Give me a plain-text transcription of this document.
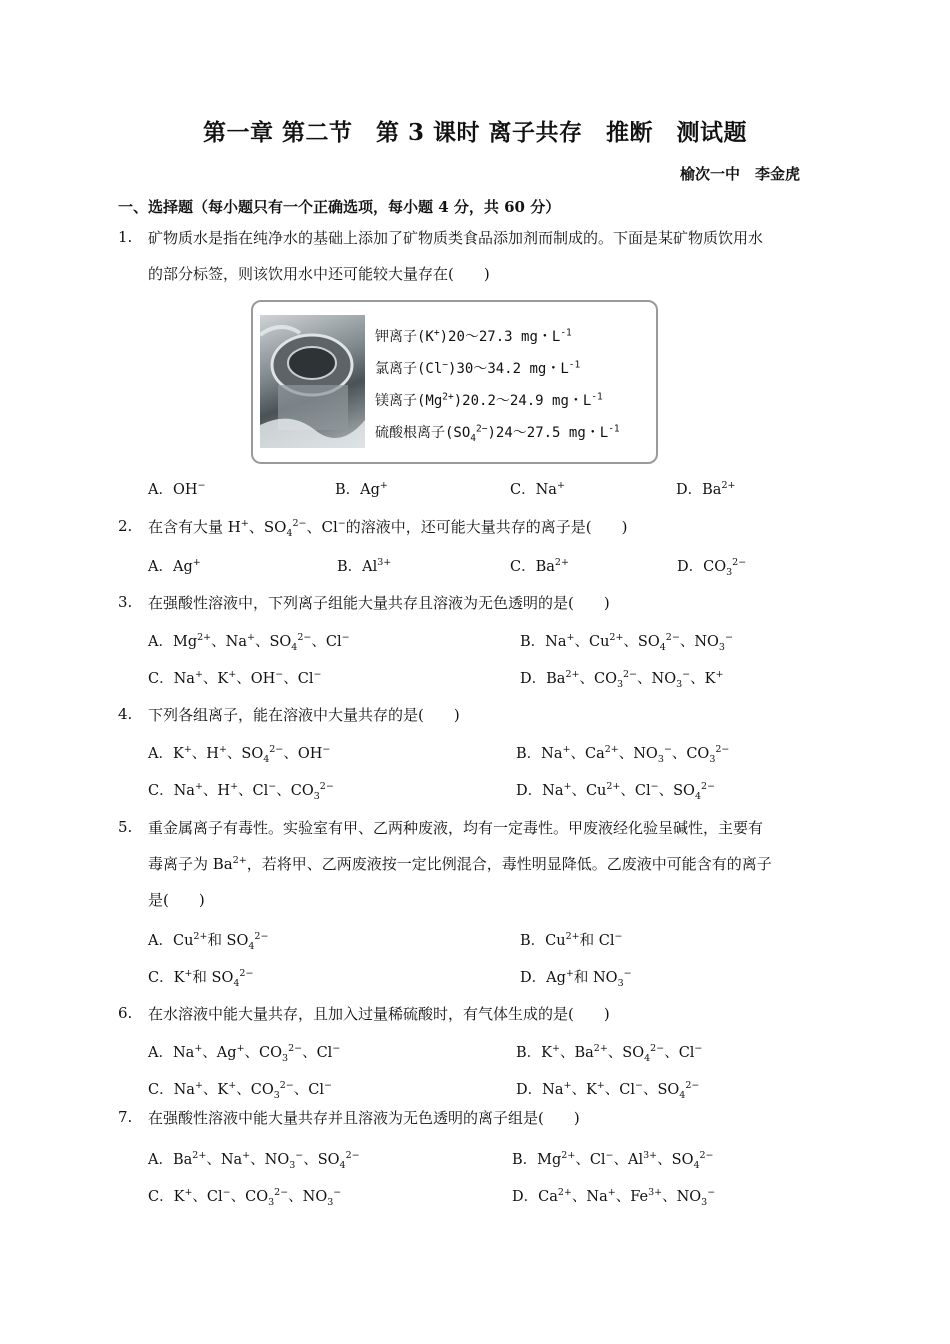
第一章 第二节　第 3 课时 离子共存　推断　测试题
榆次一中　李金虎
一、选择题（每小题只有一个正确选项，每小题 4 分，共 60 分）
1. 矿物质水是指在纯净水的基础上添加了矿物质类食品添加剂而制成的。下面是某矿物质饮用水
的部分标签，则该饮用水中还可能较大量存在(　　)
钾离子(K+)20～27.3 mg・$L^{-1}$
氯离子(Cl−)30～34.2 mg・$L^{-1}$
镁离子$(Mg^{2+})20.2\sim 24.9$ mg・$L^{-1}$
硫酸根离子$(SO_4^{2-})24\sim 27.5$ mg・$L^{-1}$
A．OH−	B．Ag+	C．Na+	D．$Ba^{2+}$
2. 在含有大量 H+、$SO_4^{2-}$、Cl−的溶液中，还可能大量共存的离子是(　　)
A．Ag+	B．$Al^{3+}$	C．$Ba^{2+}$	D．$CO_3^{2-}$
3. 在强酸性溶液中，下列离子组能大量共存且溶液为无色透明的是(　　)
A．$Mg^{2+}$、Na+、$SO_4^{2-}$、Cl−	B．Na+、$Cu^{2+}$、$SO_4^{2-}$、$NO_3^-$
C．Na+、K+、OH−、Cl−	D．$Ba^{2+}$、$CO_3^{2-}$、$NO_3^-$、K+
4. 下列各组离子，能在溶液中大量共存的是(　　)
A．K+、H+、$SO_4^{2-}$、OH−	B．Na+、$Ca^{2+}$、$NO_3^-$、$CO_3^{2-}$
C．Na+、H+、Cl−、$CO_3^{2-}$	D．Na+、$Cu^{2+}$、Cl−、$SO_4^{2-}$
5. 重金属离子有毒性。实验室有甲、乙两种废液，均有一定毒性。甲废液经化验呈碱性，主要有
毒离子为 $Ba^{2+}$，若将甲、乙两废液按一定比例混合，毒性明显降低。乙废液中可能含有的离子
是(　　)
A．$Cu^{2+}$和 $SO_4^{2-}$	B．$Cu^{2+}$和 Cl−
C．K+和 $SO_4^{2-}$	D．Ag+和 $NO_3^-$
6. 在水溶液中能大量共存，且加入过量稀硫酸时，有气体生成的是(　　)
A．Na+、Ag+、$CO_3^{2-}$、Cl−	B．K+、$Ba^{2+}$、$SO_4^{2-}$、Cl−
C．Na+、K+、$CO_3^{2-}$、Cl−	D．Na+、K+、Cl−、$SO_4^{2-}$
7. 在强酸性溶液中能大量共存并且溶液为无色透明的离子组是(　　)
A．$Ba^{2+}$、Na+、$NO_3^-$、$SO_4^{2-}$	B．$Mg^{2+}$、Cl−、$Al^{3+}$、$SO_4^{2-}$
C．K+、Cl−、$CO_3^{2-}$、$NO_3^-$	D．$Ca^{2+}$、Na+、$Fe^{3+}$、$NO_3^-$
